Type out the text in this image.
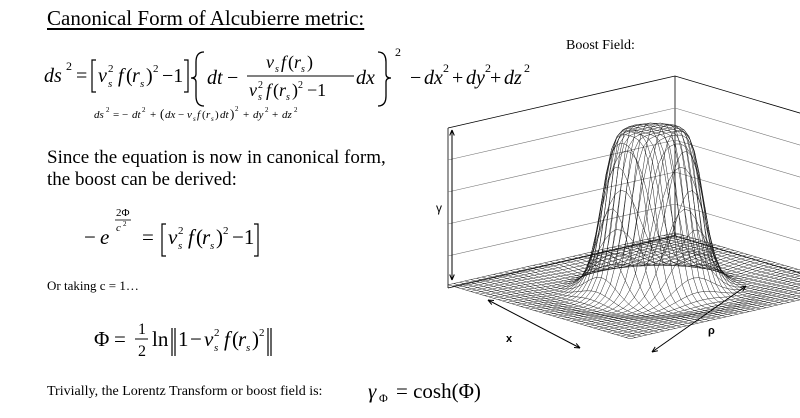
Canonical Form of Alcubierre metric:
ds 2 = v s
2 f ( r s ) 2 −1 dt −
v s f ( r s )
v s
2 f ( r s ) 2 −1
dx
2
− dx 2 + dy 2 + dz 2
ds 2 = − dt 2 + ( dx − v s f ( r s ) dt ) 2 + dy 2 + dz 2
Since the equation is now in canonical form,
the boost can be derived:
− e
2Φ
c 2
= v s
2 f ( r s ) 2 −1
Or taking c = 1…
Φ = 1
2
ln 1 − v s
2 f ( r s ) 2
Trivially, the Lorentz Transform or boost field is: γ Φ = cosh(Φ)
Boost Field:
γ
x
ρ
